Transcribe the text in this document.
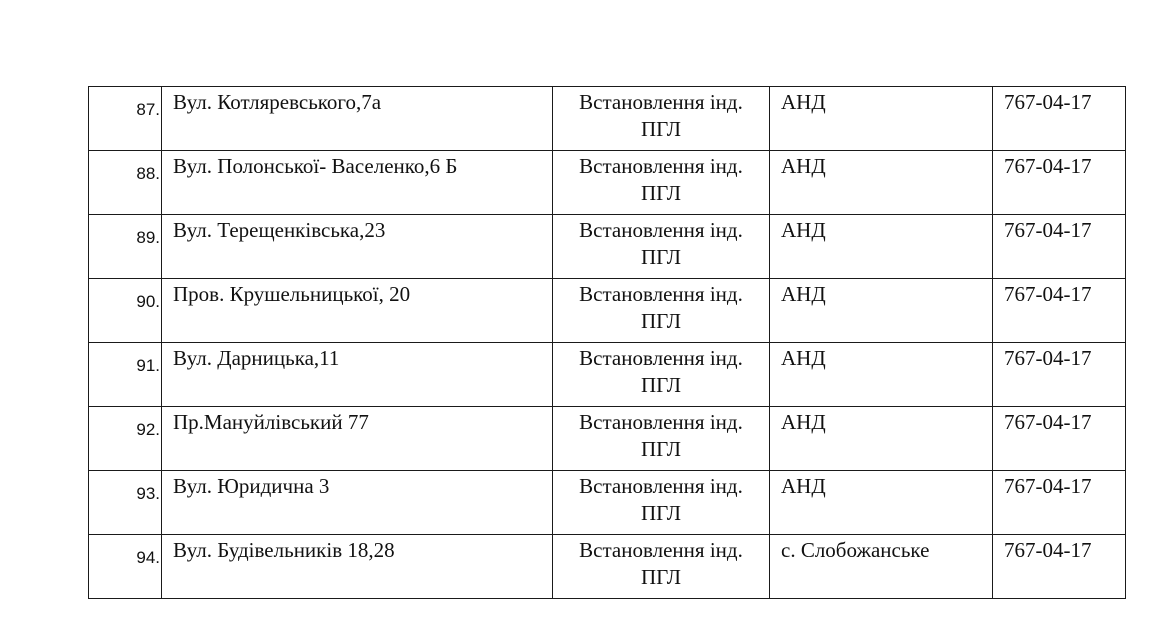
87.	Вул. Котляревського,7а	Встановлення інд. ПГЛ	АНД	767-04-17

88.	Вул. Полонської- Васеленко,6 Б	Встановлення інд. ПГЛ	АНД	767-04-17

89.	Вул. Терещенківська,23	Встановлення інд. ПГЛ	АНД	767-04-17

90.	Пров. Крушельницької, 20	Встановлення інд. ПГЛ	АНД	767-04-17

91.	Вул. Дарницька,11	Встановлення інд. ПГЛ	АНД	767-04-17

92.	Пр.Мануйлівський 77	Встановлення інд. ПГЛ	АНД	767-04-17

93.	Вул. Юридична 3	Встановлення інд. ПГЛ	АНД	767-04-17

94.	Вул. Будівельників 18,28	Встановлення інд. ПГЛ	с. Слобожанське	767-04-17
